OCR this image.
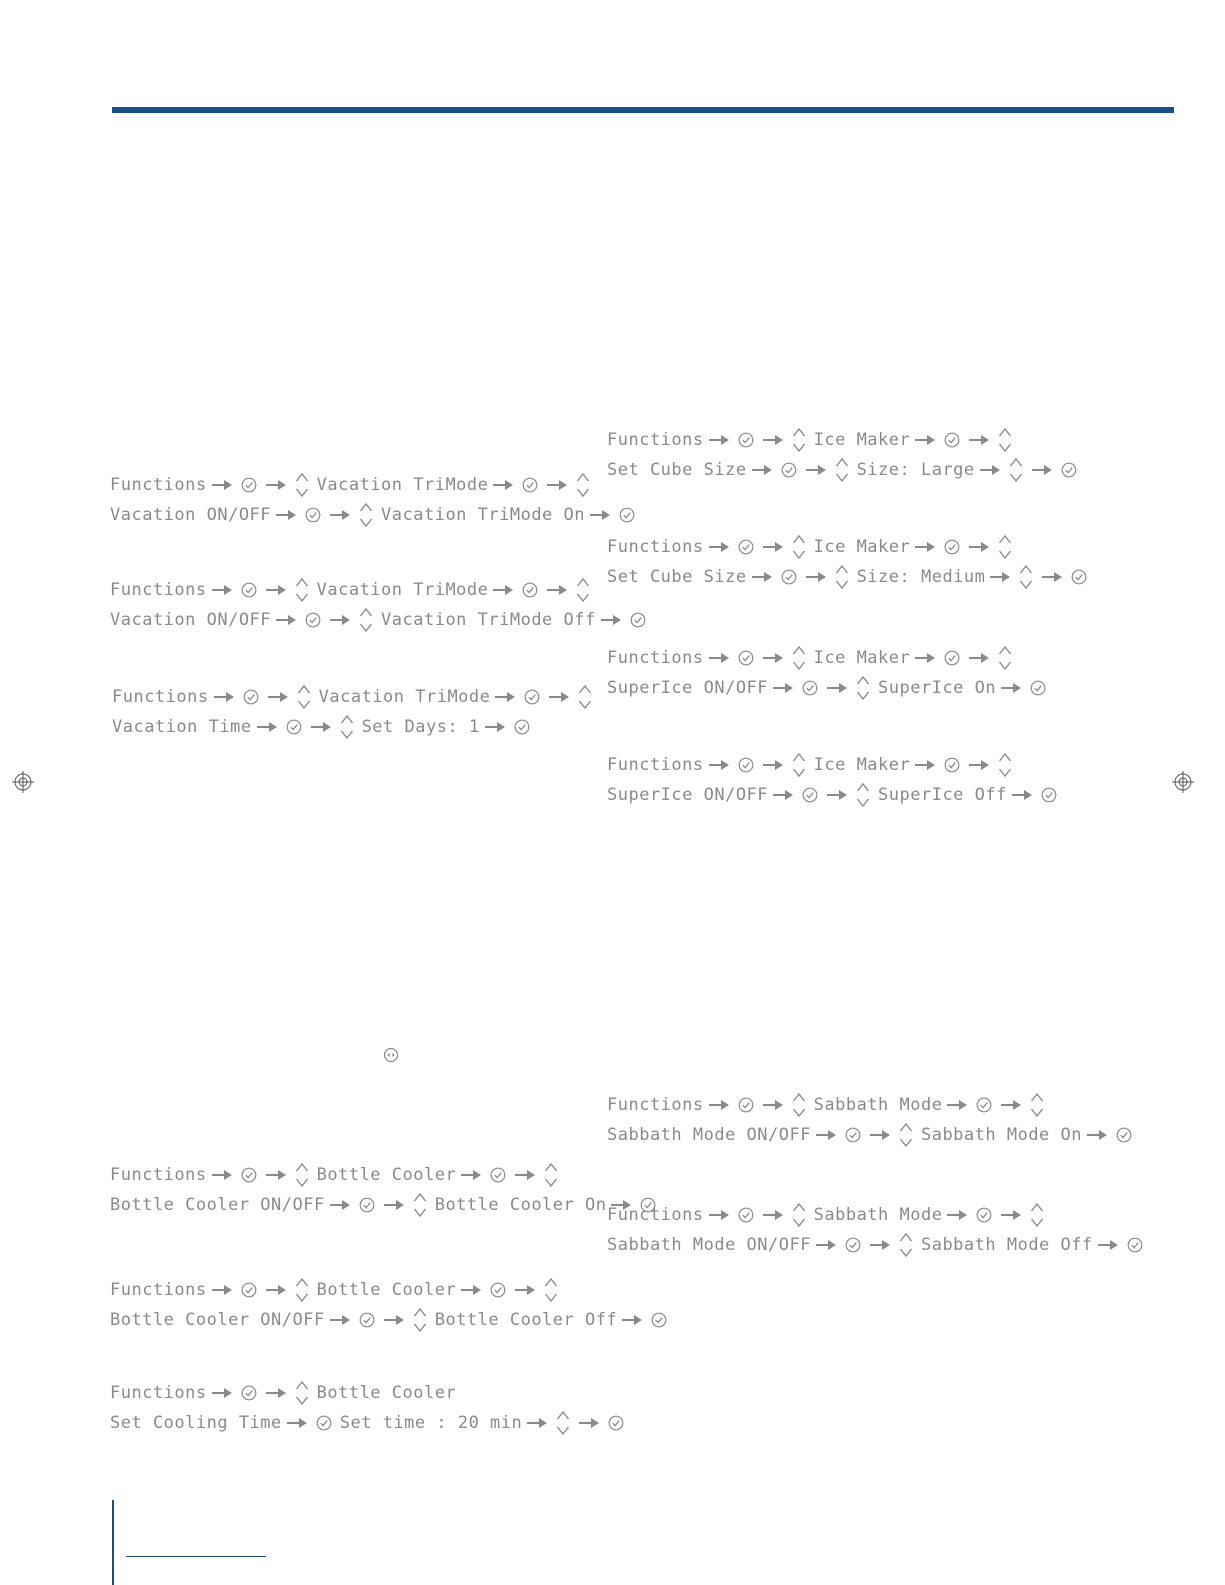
Functions	Vacation TriMode
Vacation ON/OFF	Vacation TriMode On
Functions	Vacation TriMode
Vacation ON/OFF	Vacation TriMode Off
Functions	Vacation TriMode
Vacation Time	Set Days: 1
Functions	Ice Maker
Set Cube Size	Size: Large
Functions	Ice Maker
Set Cube Size	Size: Medium
Functions	Ice Maker
SuperIce ON/OFF	SuperIce On
Functions	Ice Maker
SuperIce ON/OFF	SuperIce Off
Functions	Bottle Cooler
Bottle Cooler ON/OFF	Bottle Cooler On
Functions	Bottle Cooler
Bottle Cooler ON/OFF	Bottle Cooler Off
Functions	Bottle Cooler
Set Cooling Time	Set time : 20 min
Functions	Sabbath Mode
Sabbath Mode ON/OFF	Sabbath Mode On
Functions	Sabbath Mode
Sabbath Mode ON/OFF	Sabbath Mode Off
